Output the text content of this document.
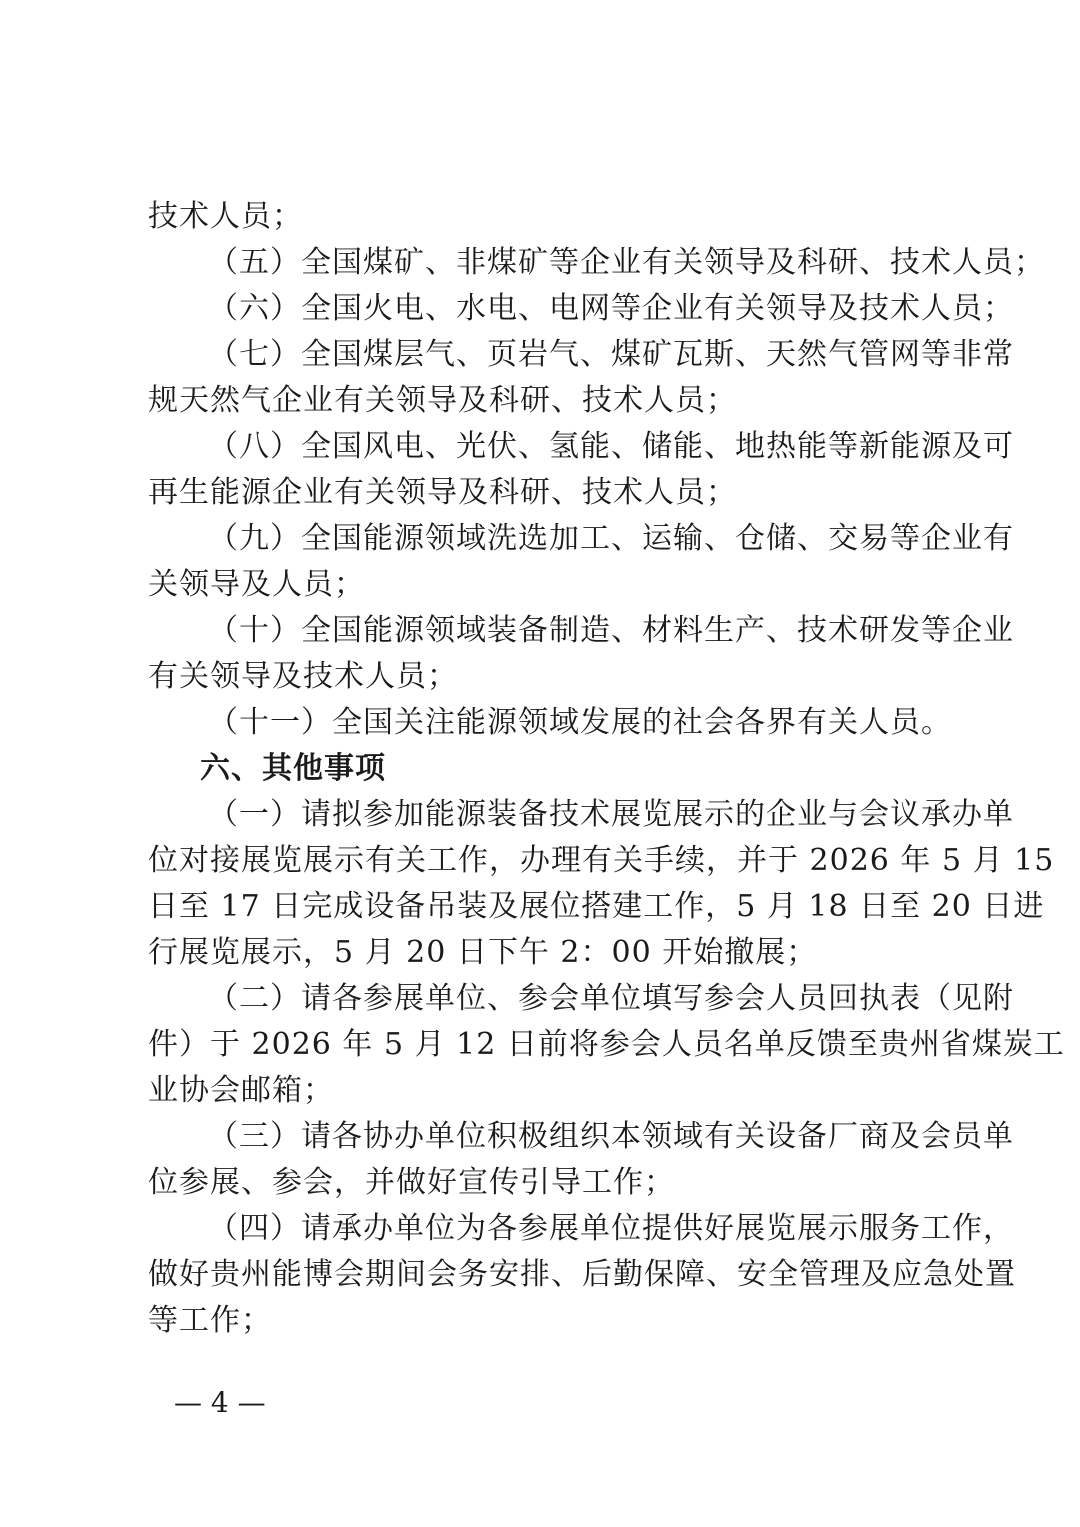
技术人员；
（五）全国煤矿、非煤矿等企业有关领导及科研、技术人员；
（六）全国火电、水电、电网等企业有关领导及技术人员；
（七）全国煤层气、页岩气、煤矿瓦斯、天然气管网等非常
规天然气企业有关领导及科研、技术人员；
（八）全国风电、光伏、氢能、储能、地热能等新能源及可
再生能源企业有关领导及科研、技术人员；
（九）全国能源领域洗选加工、运输、仓储、交易等企业有
关领导及人员；
（十）全国能源领域装备制造、材料生产、技术研发等企业
有关领导及技术人员；
（十一）全国关注能源领域发展的社会各界有关人员。
六、其他事项
（一）请拟参加能源装备技术展览展示的企业与会议承办单
位对接展览展示有关工作，办理有关手续，并于 2026 年 5 月 15
日至 17 日完成设备吊装及展位搭建工作，5 月 18 日至 20 日进
行展览展示，5 月 20 日下午 2：00 开始撤展；
（二）请各参展单位、参会单位填写参会人员回执表（见附
件）于 2026 年 5 月 12 日前将参会人员名单反馈至贵州省煤炭工
业协会邮箱；
（三）请各协办单位积极组织本领域有关设备厂商及会员单
位参展、参会，并做好宣传引导工作；
（四）请承办单位为各参展单位提供好展览展示服务工作，
做好贵州能博会期间会务安排、后勤保障、安全管理及应急处置
等工作；
— 4 —
